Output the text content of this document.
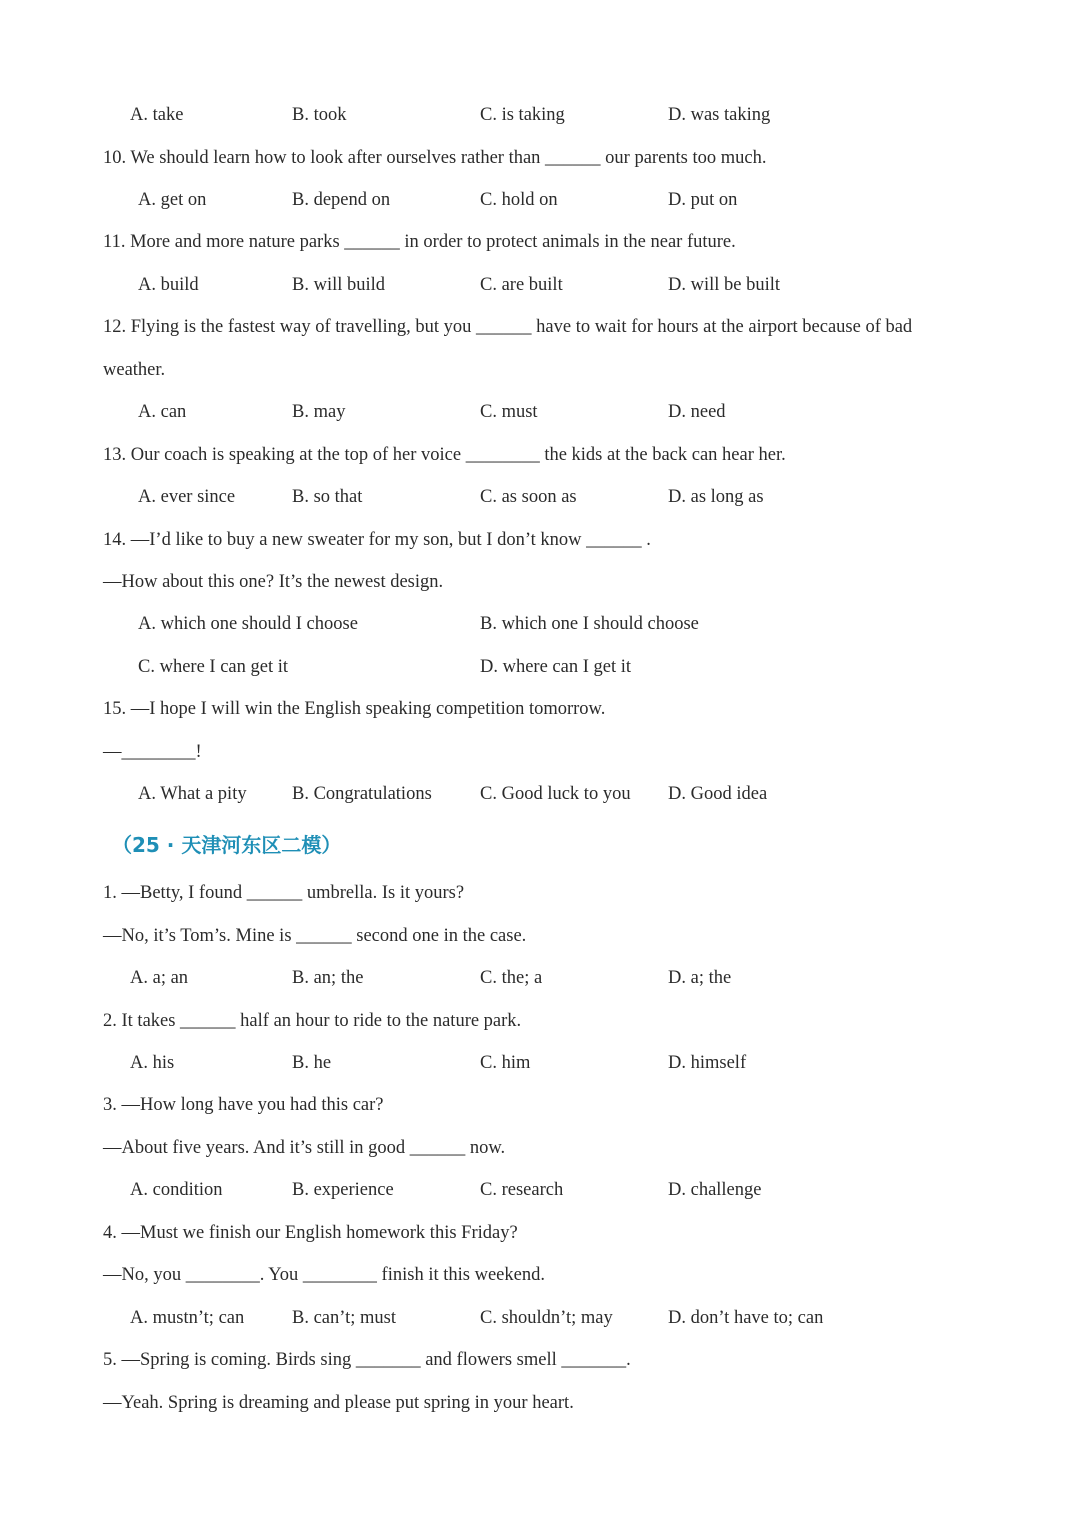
A. take	B. took	C. is taking	D. was taking
10. We should learn how to look after ourselves rather than ______ our parents too much.
A. get on	B. depend on	C. hold on	D. put on
11. More and more nature parks ______ in order to protect animals in the near future.
A. build	B. will build	C. are built	D. will be built
12. Flying is the fastest way of travelling, but you ______ have to wait for hours at the airport because of bad
weather.
A. can	B. may	C. must	D. need
13. Our coach is speaking at the top of her voice ________ the kids at the back can hear her.
A. ever since	B. so that	C. as soon as	D. as long as
14. —I’d like to buy a new sweater for my son, but I don’t know ______ .
—How about this one? It’s the newest design.
A. which one should I choose	B. which one I should choose
C. where I can get it	D. where can I get it
15. —I hope I will win the English speaking competition tomorrow.
—________!
A. What a pity B. Congratulations	C. Good luck to you D. Good idea
（25 · 天津河东区二模）
1. —Betty, I found ______ umbrella. Is it yours?
—No, it’s Tom’s. Mine is ______ second one in the case.
A. a; an	B. an; the	C. the; a	D. a; the
2. It takes ______ half an hour to ride to the nature park.
A. his	B. he	C. him	D. himself
3. —How long have you had this car?
—About five years. And it’s still in good ______ now.
A. condition	B. experience	C. research	D. challenge
4. —Must we finish our English homework this Friday?
—No, you ________. You ________ finish it this weekend.
A. mustn’t; can	B. can’t; must	C. shouldn’t; may	D. don’t have to; can
5. —Spring is coming. Birds sing _______ and flowers smell _______.
—Yeah. Spring is dreaming and please put spring in your heart.
